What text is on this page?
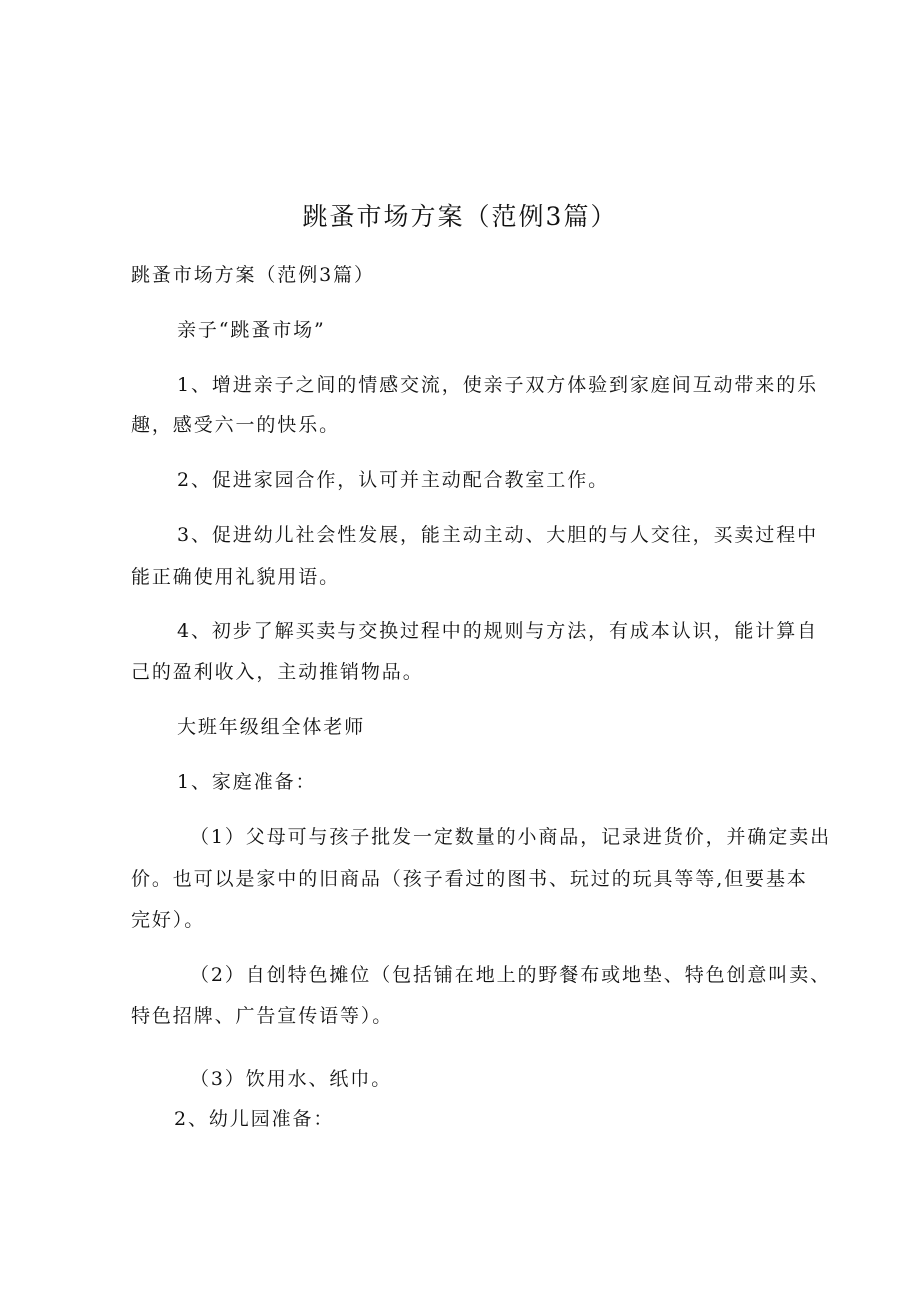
跳蚤市场方案（范例3篇）
跳蚤市场方案（范例3篇）
亲子“跳蚤市场”
1、增进亲子之间的情感交流，使亲子双方体验到家庭间互动带来的乐
趣，感受六一的快乐。
2、促进家园合作，认可并主动配合教室工作。
3、促进幼儿社会性发展，能主动主动、大胆的与人交往，买卖过程中
能正确使用礼貌用语。
4、初步了解买卖与交换过程中的规则与方法，有成本认识，能计算自
己的盈利收入，主动推销物品。
大班年级组全体老师
1、家庭准备：
（1）父母可与孩子批发一定数量的小商品，记录进货价，并确定卖出
价。也可以是家中的旧商品（孩子看过的图书、玩过的玩具等等,但要基本
完好）。
（2）自创特色摊位（包括铺在地上的野餐布或地垫、特色创意叫卖、
特色招牌、广告宣传语等）。
（3）饮用水、纸巾。
2、幼儿园准备：
